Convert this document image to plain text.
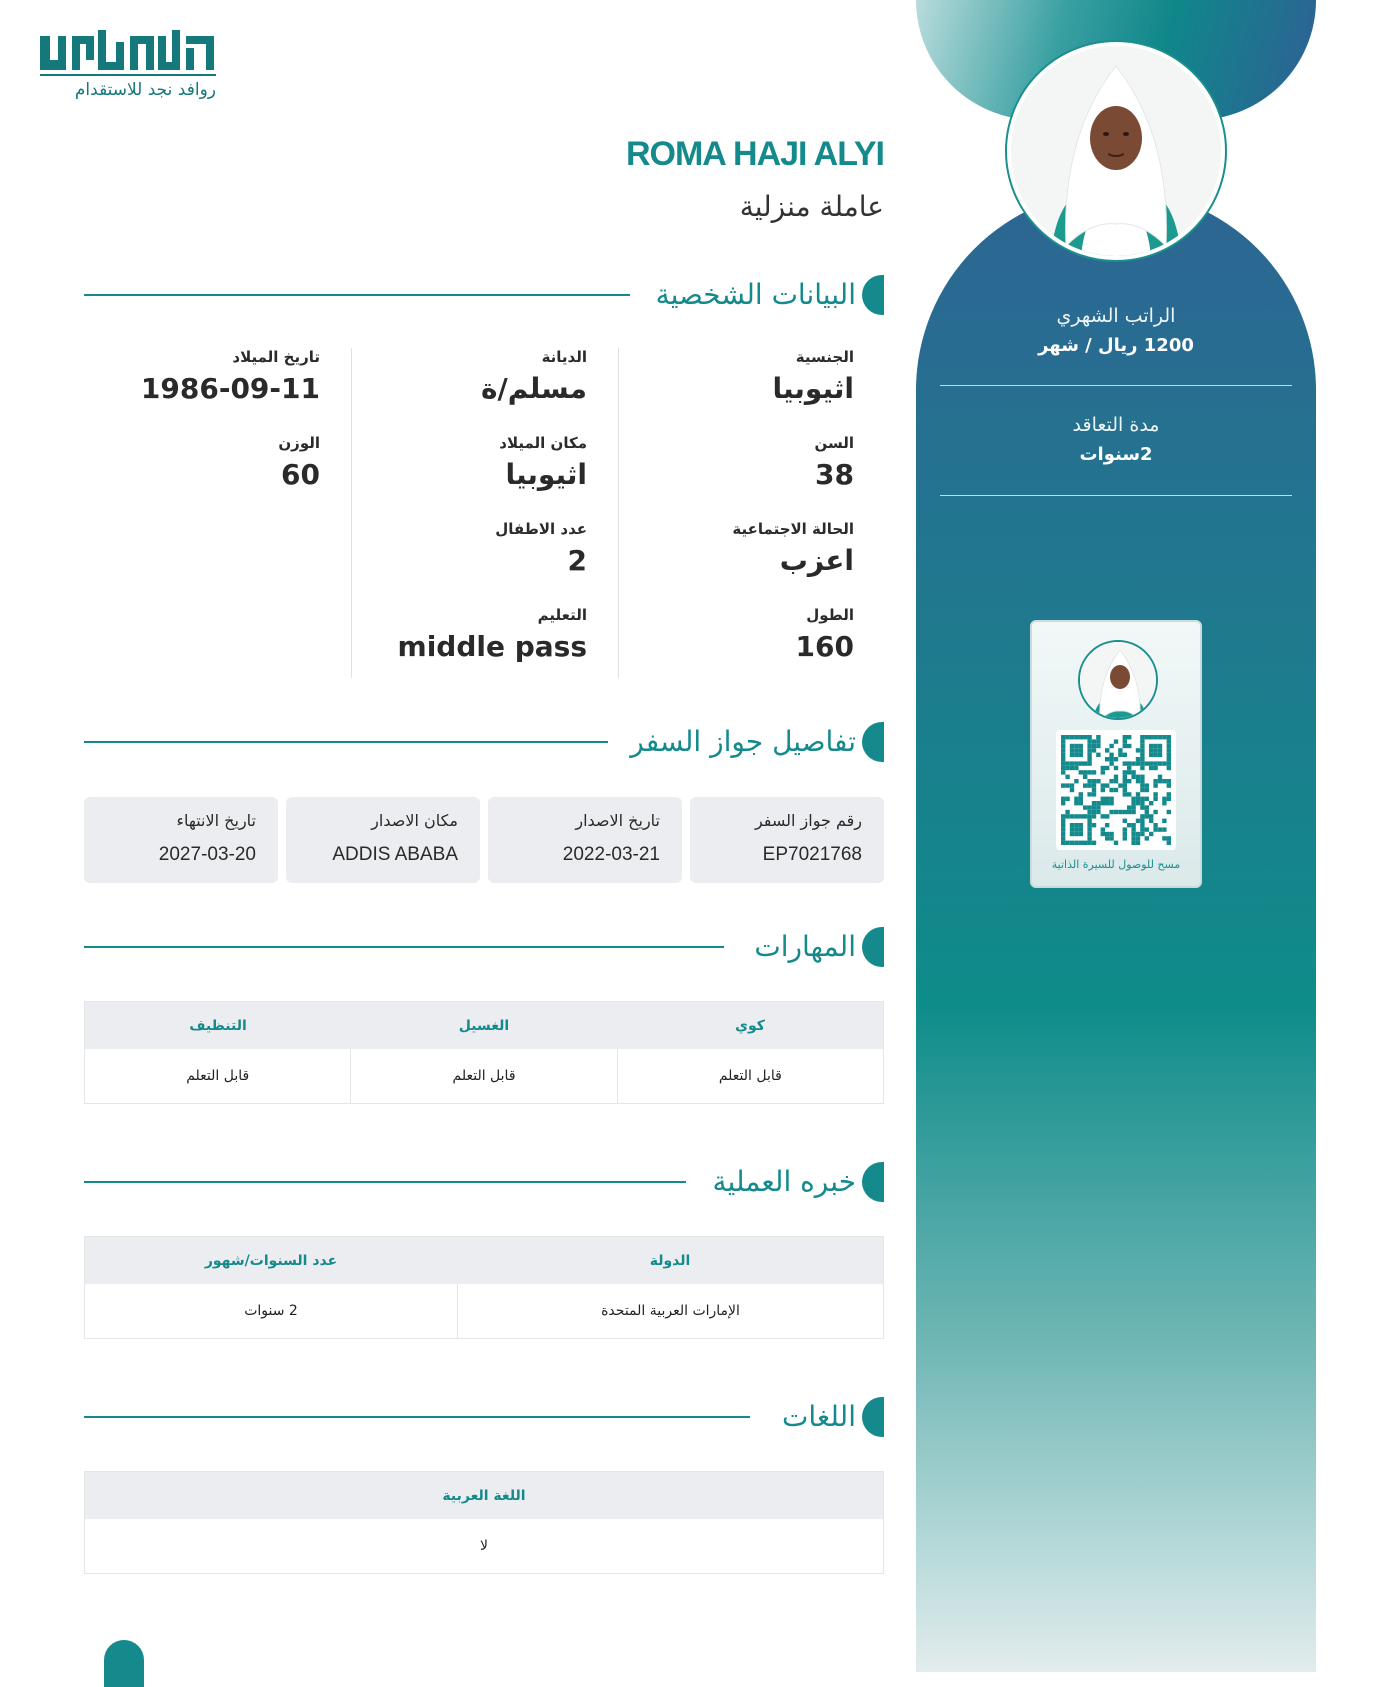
الراتب الشهري
1200 ريال / شهر
مدة التعاقد
2سنوات
مسح للوصول للسيرة الذاتية
روافد نجد للاستقدام
ROMA HAJI ALYI
عاملة منزلية
البيانات الشخصية
الجنسية
اثيوبيا
السن
38
الحالة الاجتماعية
اعزب
الطول
160
الديانة
مسلم/ة
مكان الميلاد
اثيوبيا
عدد الاطفال
2
التعليم
middle pass
تاريخ الميلاد
1986-09-11
الوزن
60
تفاصيل جواز السفر
رقم جواز السفر
EP7021768
تاريخ الاصدار
2022-03-21
مكان الاصدار
ADDIS ABABA
تاريخ الانتهاء
2027-03-20
المهارات
كوي
الغسيل
التنظيف
قابل التعلم
قابل التعلم
قابل التعلم
خبره العملية
الدولة
عدد السنوات/شهور
الإمارات العربية المتحدة
2 سنوات
اللغات
اللغة العربية
لا
